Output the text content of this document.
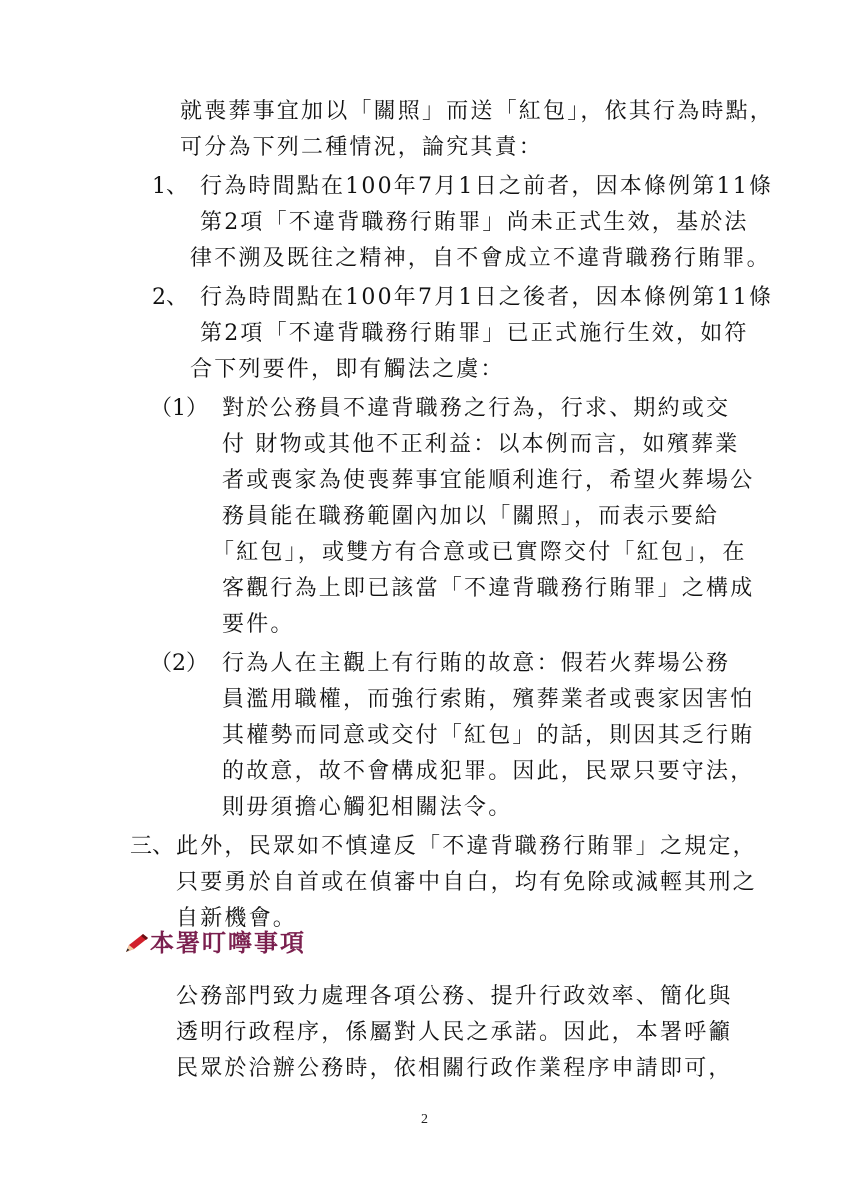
就喪葬事宜加以「關照」而送「紅包」，依其行為時點，
可分為下列二種情況，論究其責：
1、 行為時間點在100年7月1日之前者，因本條例第11條
第2項「不違背職務行賄罪」尚未正式生效，基於法
律不溯及既往之精神，自不會成立不違背職務行賄罪。
2、 行為時間點在100年7月1日之後者，因本條例第11條
第2項「不違背職務行賄罪」已正式施行生效，如符
合下列要件，即有觸法之虞：
（1） 對於公務員不違背職務之行為，行求、期約或交
付 財物或其他不正利益：以本例而言，如殯葬業
者或喪家為使喪葬事宜能順利進行，希望火葬場公
務員能在職務範圍內加以「關照」，而表示要給
「紅包」，或雙方有合意或已實際交付「紅包」，在
客觀行為上即已該當「不違背職務行賄罪」之構成
要件。
（2） 行為人在主觀上有行賄的故意：假若火葬場公務
員濫用職權，而強行索賄，殯葬業者或喪家因害怕
其權勢而同意或交付「紅包」的話，則因其乏行賄
的故意，故不會構成犯罪。因此，民眾只要守法，
則毋須擔心觸犯相關法令。
三、 此外，民眾如不慎違反「不違背職務行賄罪」之規定，
只要勇於自首或在偵審中自白，均有免除或減輕其刑之
自新機會。
本署叮嚀事項
公務部門致力處理各項公務、提升行政效率、簡化與
透明行政程序，係屬對人民之承諾。因此，本署呼籲
民眾於洽辦公務時，依相關行政作業程序申請即可，
2
